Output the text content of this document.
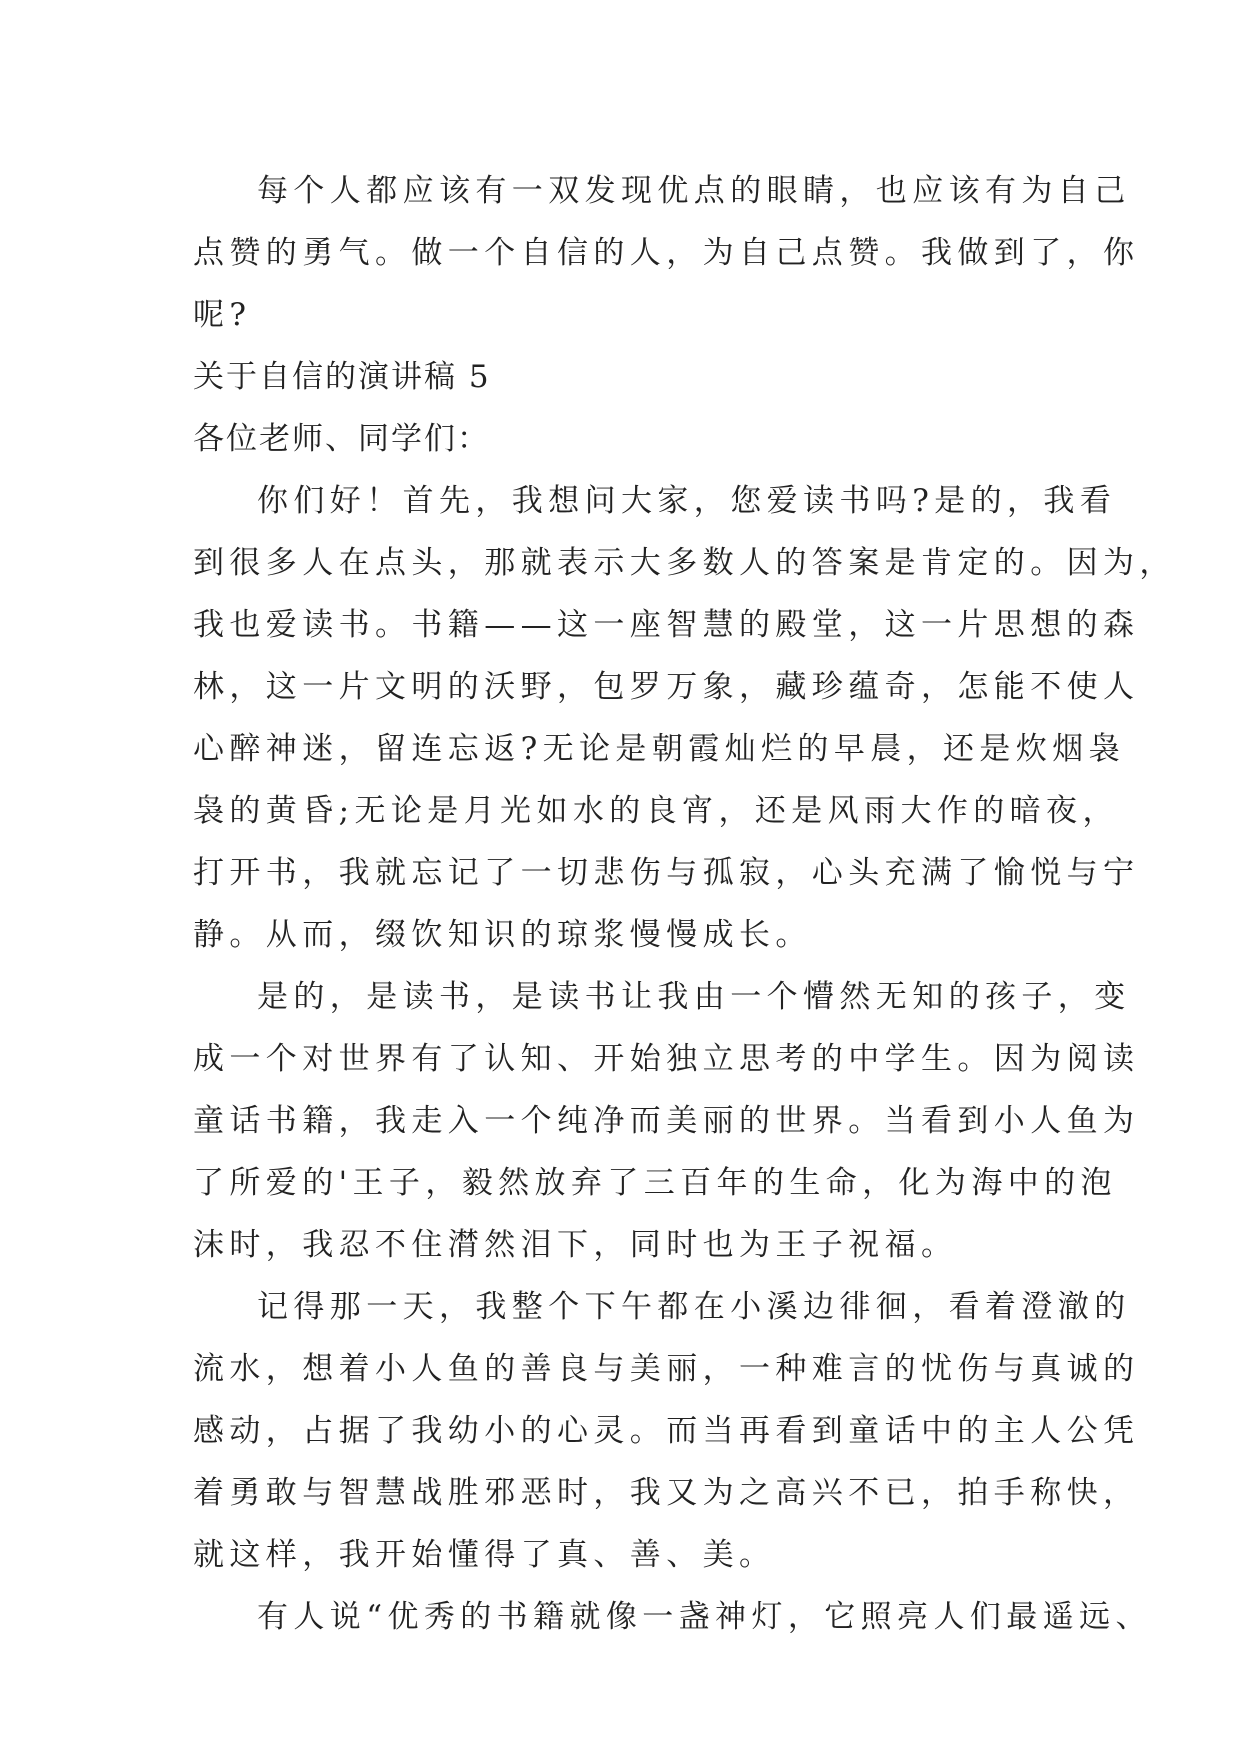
每个人都应该有一双发现优点的眼睛，也应该有为自己
点赞的勇气。做一个自信的人，为自己点赞。我做到了，你
呢?
关于自信的演讲稿 5
各位老师、同学们：
你们好！首先，我想问大家，您爱读书吗?是的，我看
到很多人在点头，那就表示大多数人的答案是肯定的。因为，
我也爱读书。书籍——这一座智慧的殿堂，这一片思想的森
林，这一片文明的沃野，包罗万象，藏珍蕴奇，怎能不使人
心醉神迷，留连忘返?无论是朝霞灿烂的早晨，还是炊烟袅
袅的黄昏;无论是月光如水的良宵，还是风雨大作的暗夜，
打开书，我就忘记了一切悲伤与孤寂，心头充满了愉悦与宁
静。从而，缀饮知识的琼浆慢慢成长。
是的，是读书，是读书让我由一个懵然无知的孩子，变
成一个对世界有了认知、开始独立思考的中学生。因为阅读
童话书籍，我走入一个纯净而美丽的世界。当看到小人鱼为
了所爱的'王子，毅然放弃了三百年的生命，化为海中的泡
沫时，我忍不住潸然泪下，同时也为王子祝福。
记得那一天，我整个下午都在小溪边徘徊，看着澄澈的
流水，想着小人鱼的善良与美丽，一种难言的忧伤与真诚的
感动，占据了我幼小的心灵。而当再看到童话中的主人公凭
着勇敢与智慧战胜邪恶时，我又为之高兴不已，拍手称快，
就这样，我开始懂得了真、善、美。
有人说“优秀的书籍就像一盏神灯，它照亮人们最遥远、
